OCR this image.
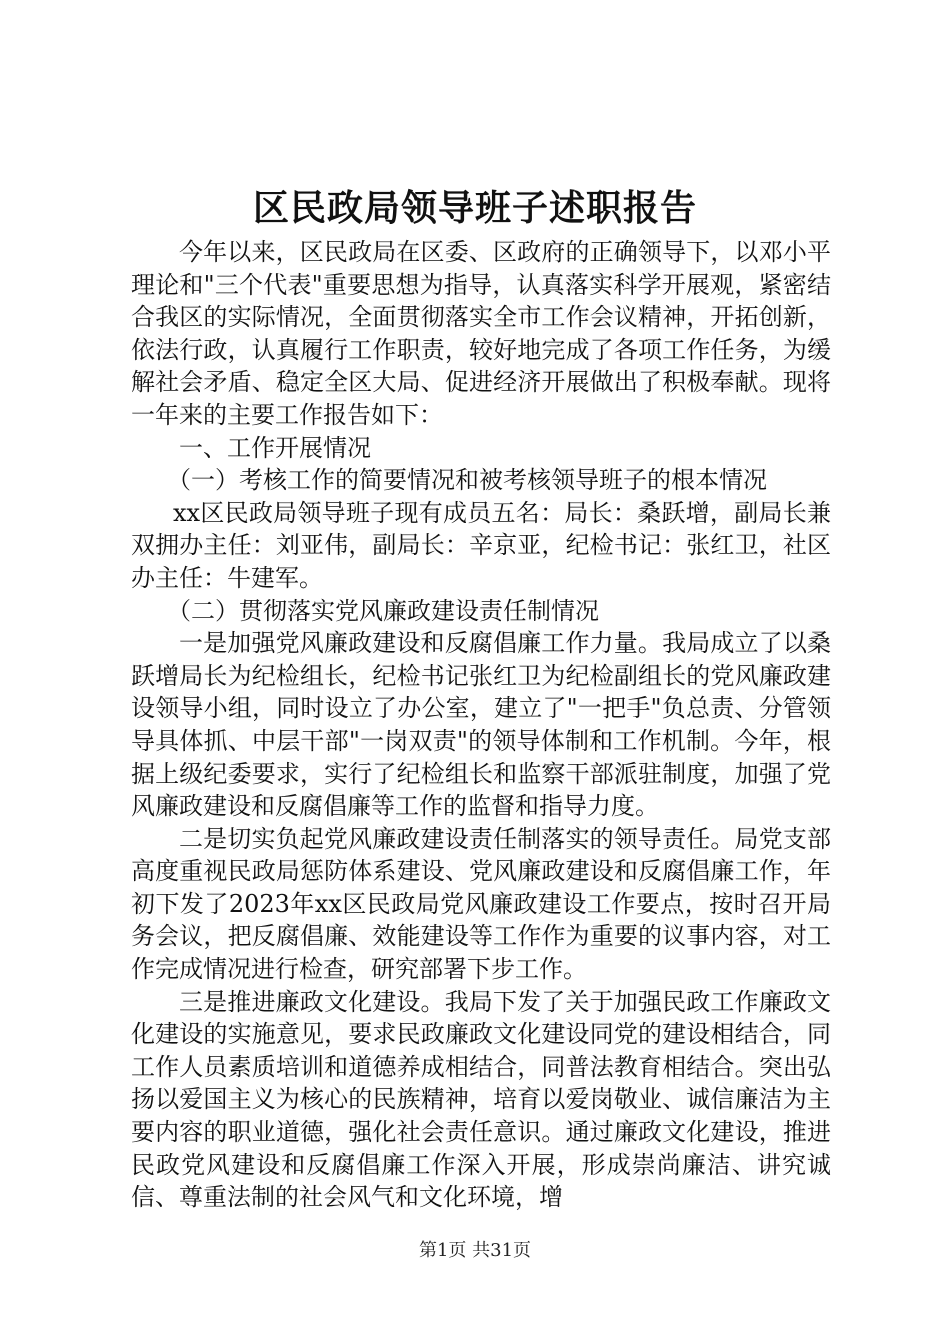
区民政局领导班子述职报告

今年以来，区民政局在区委、区政府的正确领导下，以邓小平理论和"三个代表"重要思想为指导，认真落实科学开展观，紧密结合我区的实际情况，全面贯彻落实全市工作会议精神，开拓创新，依法行政，认真履行工作职责，较好地完成了各项工作任务，为缓解社会矛盾、稳定全区大局、促进经济开展做出了积极奉献。现将一年来的主要工作报告如下：

一、工作开展情况

（一）考核工作的简要情况和被考核领导班子的根本情况

xx区民政局领导班子现有成员五名：局长：桑跃增，副局长兼双拥办主任：刘亚伟，副局长：辛京亚，纪检书记：张红卫，社区办主任：牛建军。

（二）贯彻落实党风廉政建设责任制情况

一是加强党风廉政建设和反腐倡廉工作力量。我局成立了以桑跃增局长为纪检组长，纪检书记张红卫为纪检副组长的党风廉政建设领导小组，同时设立了办公室，建立了"一把手"负总责、分管领导具体抓、中层干部"一岗双责"的领导体制和工作机制。今年，根据上级纪委要求，实行了纪检组长和监察干部派驻制度，加强了党风廉政建设和反腐倡廉等工作的监督和指导力度。

二是切实负起党风廉政建设责任制落实的领导责任。局党支部高度重视民政局惩防体系建设、党风廉政建设和反腐倡廉工作，年初下发了2023年xx区民政局党风廉政建设工作要点，按时召开局务会议，把反腐倡廉、效能建设等工作作为重要的议事内容，对工作完成情况进行检查，研究部署下步工作。

三是推进廉政文化建设。我局下发了关于加强民政工作廉政文化建设的实施意见，要求民政廉政文化建设同党的建设相结合，同工作人员素质培训和道德养成相结合，同普法教育相结合。突出弘扬以爱国主义为核心的民族精神，培育以爱岗敬业、诚信廉洁为主要内容的职业道德，强化社会责任意识。通过廉政文化建设，推进民政党风建设和反腐倡廉工作深入开展，形成崇尚廉洁、讲究诚信、尊重法制的社会风气和文化环境，增

第1页 共31页
